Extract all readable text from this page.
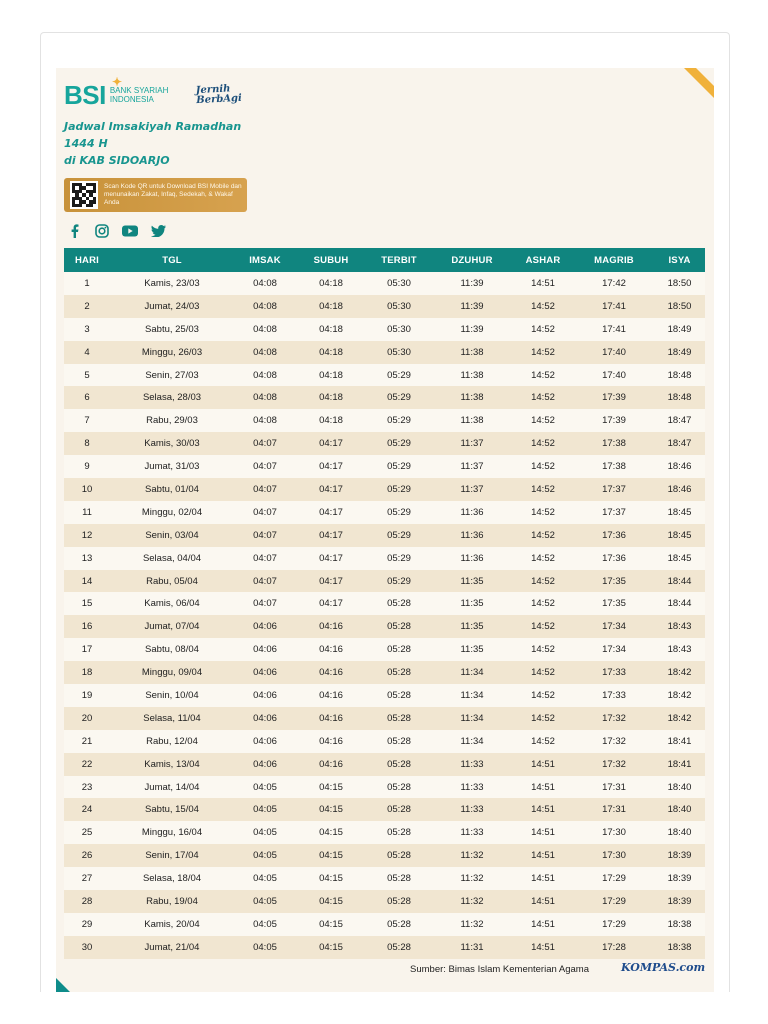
BSI ✦
BANK SYARIAH INDONESIA
Jernih
BerbAgi
Jadwal Imsakiyah Ramadhan
1444 H
di KAB SIDOARJO
Scan Kode QR untuk Download BSI Mobile dan menunaikan Zakat, Infaq, Sedekah, & Wakaf Anda
HARI	TGL	IMSAK	SUBUH	TERBIT	DZUHUR	ASHAR	MAGRIB	ISYA
1	Kamis, 23/03	04:08	04:18	05:30	11:39	14:51	17:42	18:50
2	Jumat, 24/03	04:08	04:18	05:30	11:39	14:52	17:41	18:50
3	Sabtu, 25/03	04:08	04:18	05:30	11:39	14:52	17:41	18:49
4	Minggu, 26/03	04:08	04:18	05:30	11:38	14:52	17:40	18:49
5	Senin, 27/03	04:08	04:18	05:29	11:38	14:52	17:40	18:48
6	Selasa, 28/03	04:08	04:18	05:29	11:38	14:52	17:39	18:48
7	Rabu, 29/03	04:08	04:18	05:29	11:38	14:52	17:39	18:47
8	Kamis, 30/03	04:07	04:17	05:29	11:37	14:52	17:38	18:47
9	Jumat, 31/03	04:07	04:17	05:29	11:37	14:52	17:38	18:46
10	Sabtu, 01/04	04:07	04:17	05:29	11:37	14:52	17:37	18:46
11	Minggu, 02/04	04:07	04:17	05:29	11:36	14:52	17:37	18:45
12	Senin, 03/04	04:07	04:17	05:29	11:36	14:52	17:36	18:45
13	Selasa, 04/04	04:07	04:17	05:29	11:36	14:52	17:36	18:45
14	Rabu, 05/04	04:07	04:17	05:29	11:35	14:52	17:35	18:44
15	Kamis, 06/04	04:07	04:17	05:28	11:35	14:52	17:35	18:44
16	Jumat, 07/04	04:06	04:16	05:28	11:35	14:52	17:34	18:43
17	Sabtu, 08/04	04:06	04:16	05:28	11:35	14:52	17:34	18:43
18	Minggu, 09/04	04:06	04:16	05:28	11:34	14:52	17:33	18:42
19	Senin, 10/04	04:06	04:16	05:28	11:34	14:52	17:33	18:42
20	Selasa, 11/04	04:06	04:16	05:28	11:34	14:52	17:32	18:42
21	Rabu, 12/04	04:06	04:16	05:28	11:34	14:52	17:32	18:41
22	Kamis, 13/04	04:06	04:16	05:28	11:33	14:51	17:32	18:41
23	Jumat, 14/04	04:05	04:15	05:28	11:33	14:51	17:31	18:40
24	Sabtu, 15/04	04:05	04:15	05:28	11:33	14:51	17:31	18:40
25	Minggu, 16/04	04:05	04:15	05:28	11:33	14:51	17:30	18:40
26	Senin, 17/04	04:05	04:15	05:28	11:32	14:51	17:30	18:39
27	Selasa, 18/04	04:05	04:15	05:28	11:32	14:51	17:29	18:39
28	Rabu, 19/04	04:05	04:15	05:28	11:32	14:51	17:29	18:39
29	Kamis, 20/04	04:05	04:15	05:28	11:32	14:51	17:29	18:38
30	Jumat, 21/04	04:05	04:15	05:28	11:31	14:51	17:28	18:38
Sumber: Bimas Islam Kementerian Agama	KOMPAS.com
